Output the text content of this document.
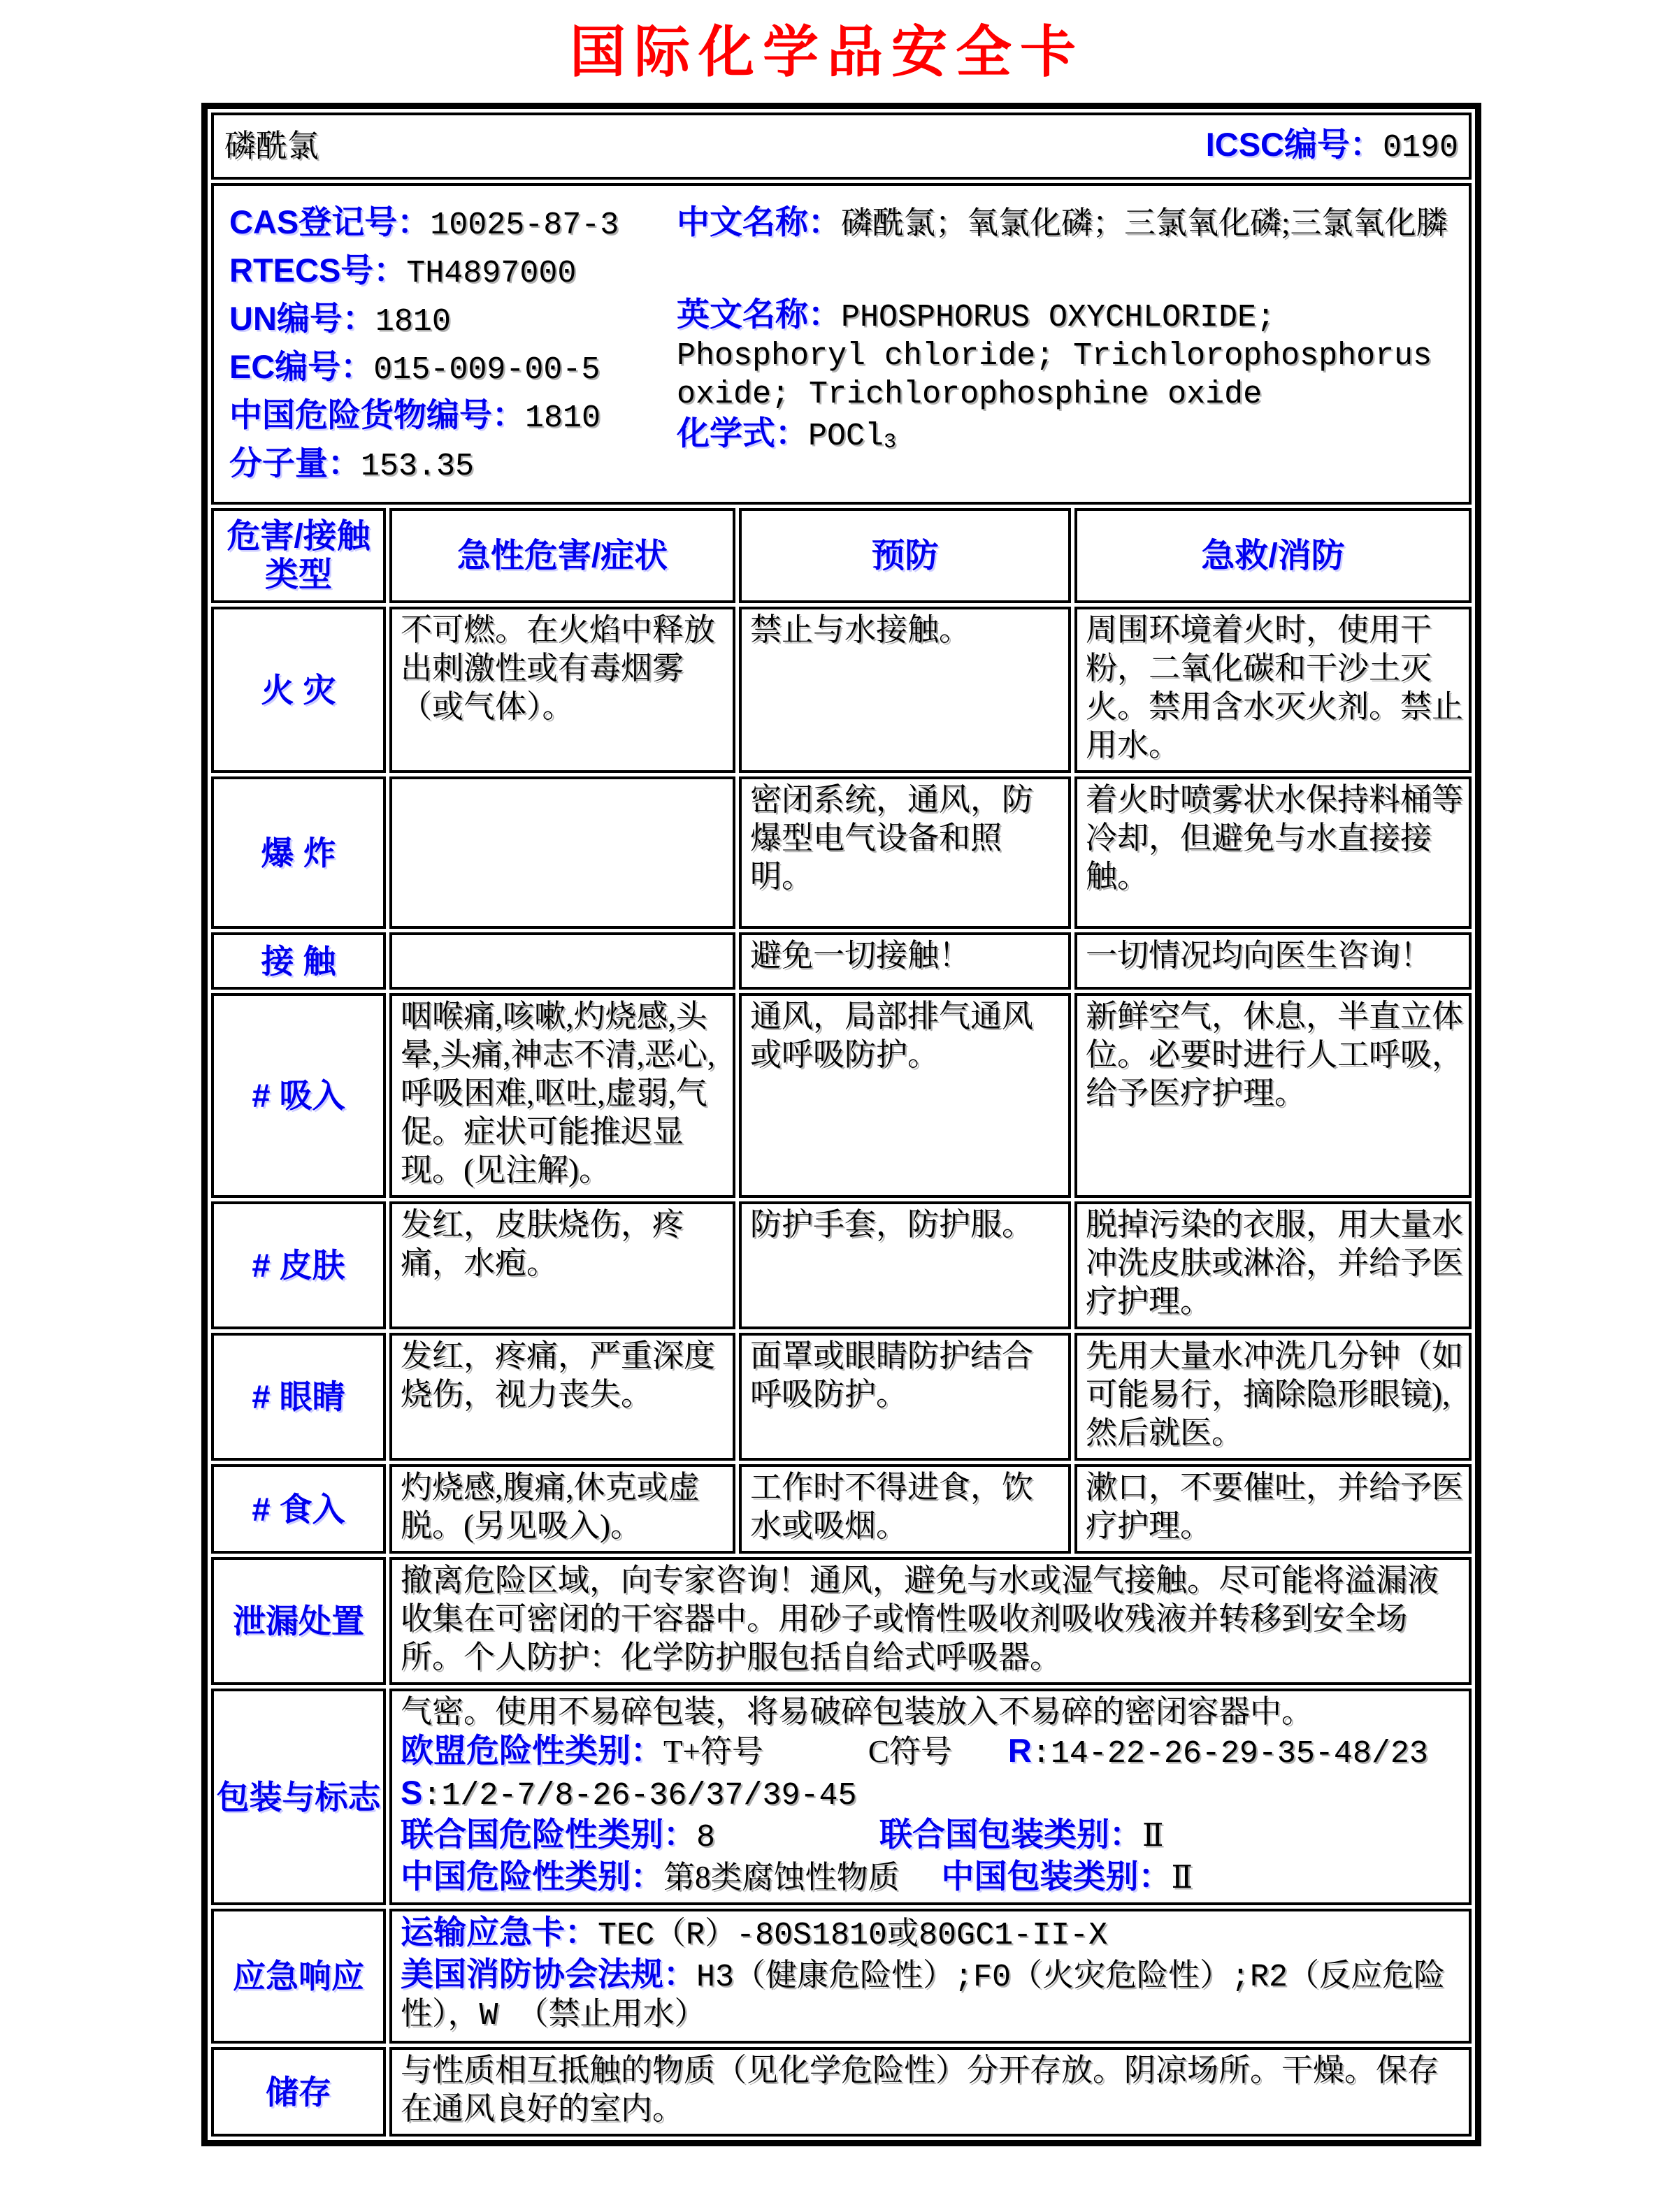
国际化学品安全卡
磷酰氯 ICSC编号：0190			

CAS登记号：10025-87-3
RTECS号：TH4897000
UN编号：1810
EC编号：015-009-00-5
中国危险货物编号：1810
分子量：153.35
中文名称：磷酰氯；氧氯化磷；三氯氧化磷;三氯氧化膦
英文名称：PHOSPHORUS OXYCHLORIDE; Phosphoryl chloride; Trichlorophosphorus oxide; Trichlorophosphine oxide
化学式：POCl$_3$

危害/接触类型	急性危害/症状	预防	急救/消防
火 灾	不可燃。在火焰中释放出刺激性或有毒烟雾（或气体）。	禁止与水接触。	周围环境着火时，使用干粉，二氧化碳和干沙土灭火。禁用含水灭火剂。禁止用水。
爆 炸		密闭系统，通风，防爆型电气设备和照明。	着火时喷雾状水保持料桶等冷却，但避免与水直接接触。
接 触		避免一切接触！	一切情况均向医生咨询！
# 吸入	咽喉痛,咳嗽,灼烧感,头晕,头痛,神志不清,恶心,呼吸困难,呕吐,虚弱,气促。症状可能推迟显现。(见注解)。	通风，局部排气通风或呼吸防护。	新鲜空气，休息，半直立体位。必要时进行人工呼吸，给予医疗护理。
# 皮肤	发红，皮肤烧伤，疼痛，水疱。	防护手套，防护服。	脱掉污染的衣服，用大量水冲洗皮肤或淋浴，并给予医疗护理。
# 眼睛	发红，疼痛，严重深度烧伤，视力丧失。	面罩或眼睛防护结合呼吸防护。	先用大量水冲洗几分钟（如可能易行，摘除隐形眼镜),然后就医。
# 食入	灼烧感,腹痛,休克或虚脱。(另见吸入)。	工作时不得进食，饮水或吸烟。	漱口，不要催吐，并给予医疗护理。
泄漏处置	撤离危险区域，向专家咨询！通风，避免与水或湿气接触。尽可能将溢漏液收集在可密闭的干容器中。用砂子或惰性吸收剂吸收残液并转移到安全场所。个人防护：化学防护服包括自给式呼吸器。		
包装与标志	气密。使用不易碎包装，将易破碎包装放入不易碎的密闭容器中。
欧盟危险性类别：T+符号 C符号 R:14-22-26-29-35-48/23
S:1/2-7/8-26-36/37/39-45
联合国危险性类别：8 联合国包装类别：Ⅱ
中国危险性类别：第8类腐蚀性物质 中国包装类别：Ⅱ		

应急响应	运输应急卡：TEC（R）-80S1810或80GC1-II-X
美国消防协会法规：H3（健康危险性）;F0（火灾危险性）;R2（反应危险性），W （禁止用水）		

储存	与性质相互抵触的物质（见化学危险性）分开存放。阴凉场所。干燥。保存在通风良好的室内。		
